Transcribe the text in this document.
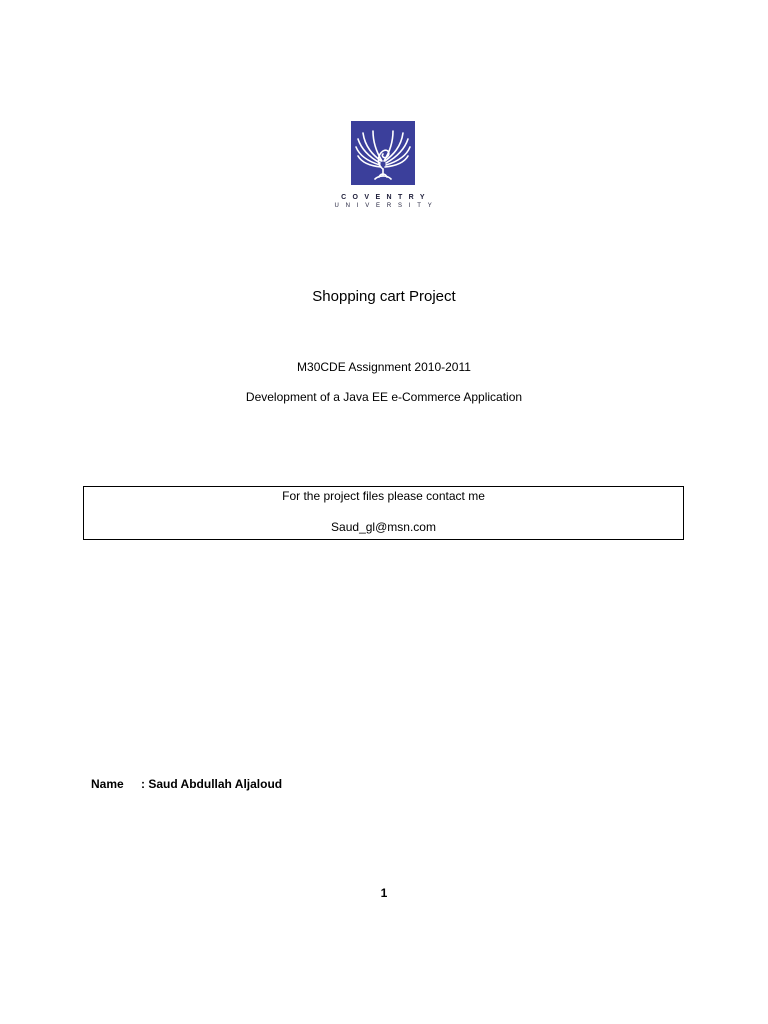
COVENTRY
UNIVERSITY
Shopping cart Project
M30CDE Assignment 2010-2011
Development of a Java EE e-Commerce Application
For the project files please contact me
Saud_gl@msn.com
Name : Saud Abdullah Aljaloud
1
